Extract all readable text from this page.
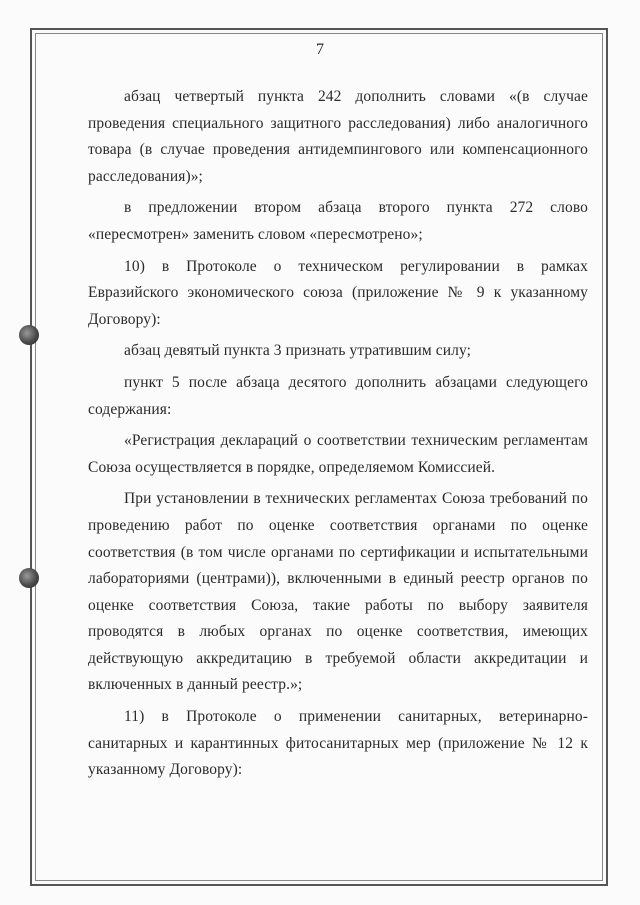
7

абзац четвертый пункта 242 дополнить словами «(в случае проведения специального защитного расследования) либо аналогичного товара (в случае проведения антидемпингового или компенсационного расследования)»;

в предложении втором абзаца второго пункта 272 слово «пересмотрен» заменить словом «пересмотрено»;

10) в Протоколе о техническом регулировании в рамках Евразийского экономического союза (приложение № 9 к указанному Договору):

абзац девятый пункта 3 признать утратившим силу;

пункт 5 после абзаца десятого дополнить абзацами следующего содержания:

«Регистрация деклараций о соответствии техническим регламентам Союза осуществляется в порядке, определяемом Комиссией.

При установлении в технических регламентах Союза требований по проведению работ по оценке соответствия органами по оценке соответствия (в том числе органами по сертификации и испытательными лабораториями (центрами)), включенными в единый реестр органов по оценке соответствия Союза, такие работы по выбору заявителя проводятся в любых органах по оценке соответствия, имеющих действующую аккредитацию в требуемой области аккредитации и включенных в данный реестр.»;

11) в Протоколе о применении санитарных, ветеринарно-санитарных и карантинных фитосанитарных мер (приложение № 12 к указанному Договору):
